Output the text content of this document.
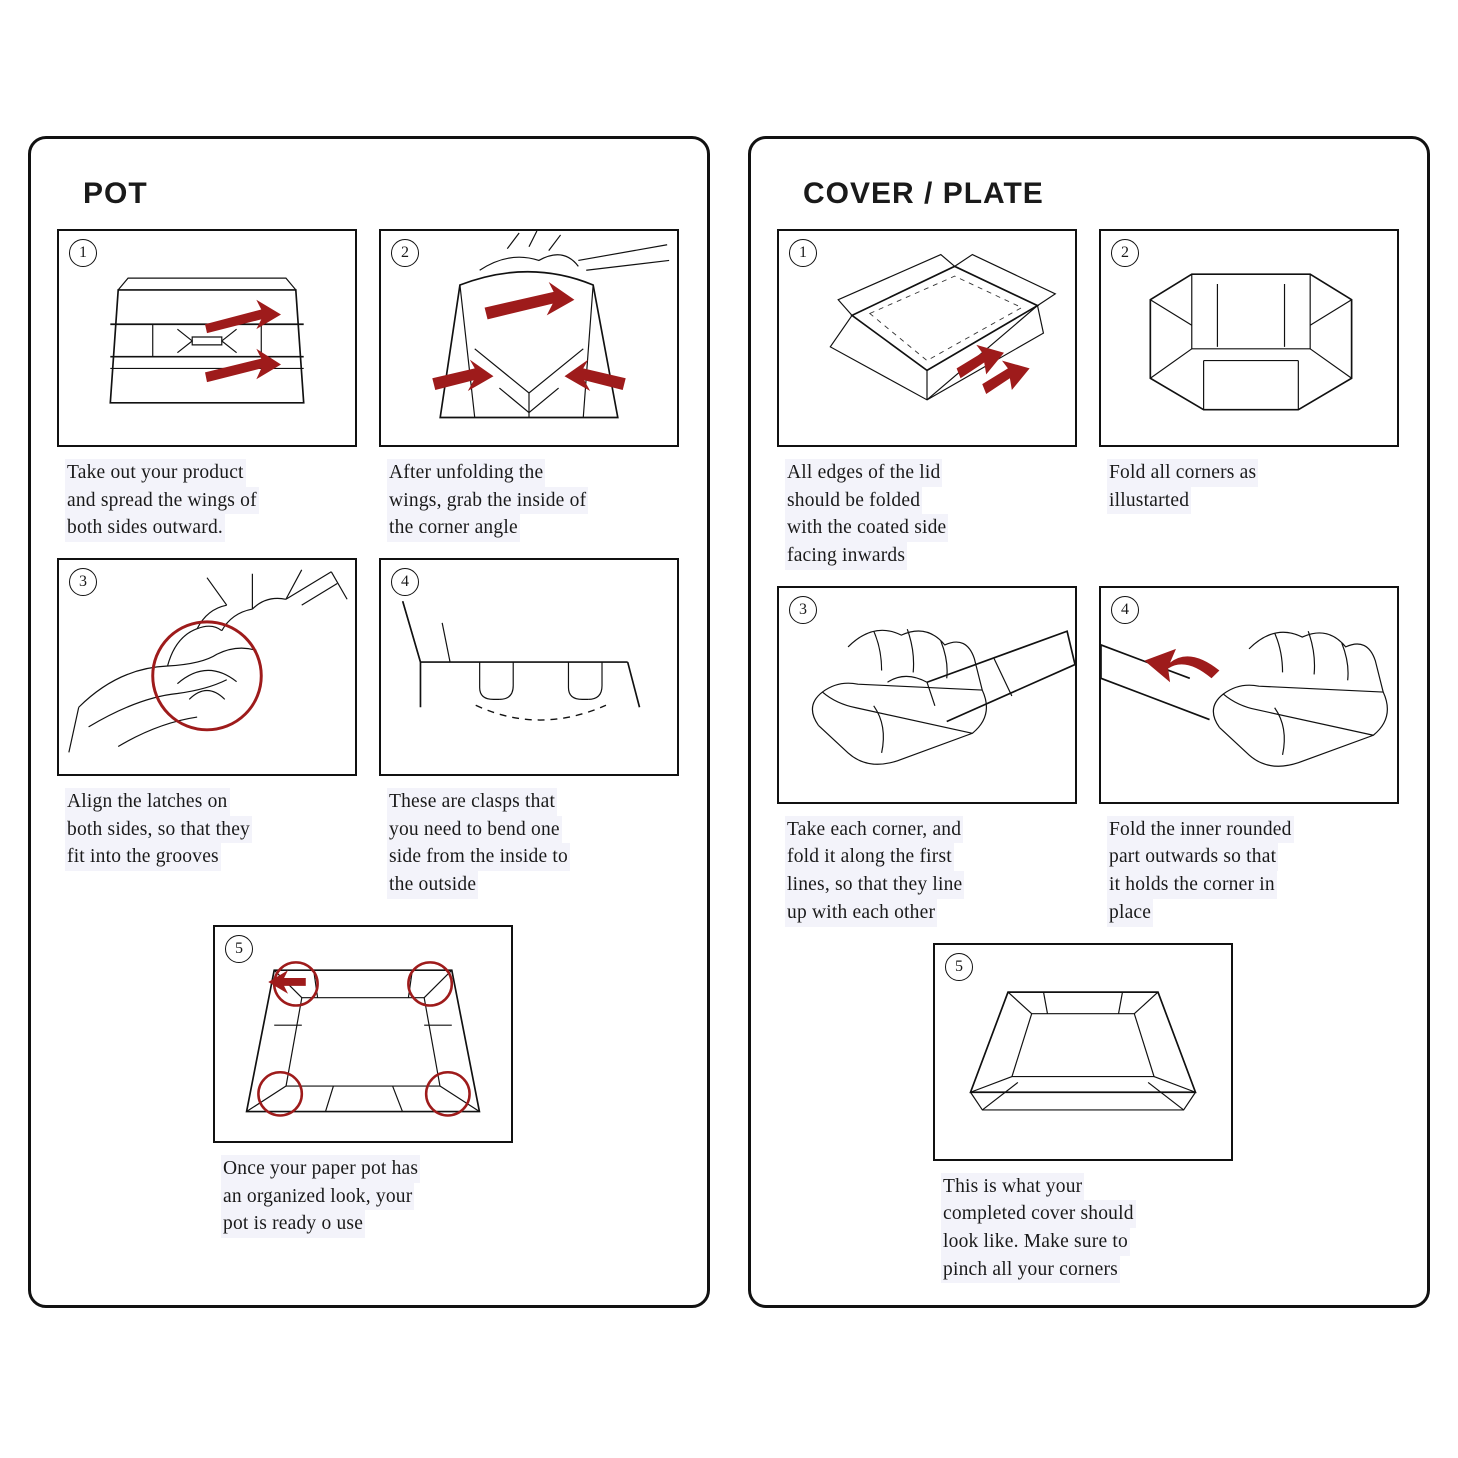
POT
1
Take out your product
and spread the wings of
both sides outward.
2
After unfolding the
wings, grab the inside of
the corner angle
3
Align the latches on
both sides, so that they
fit into the grooves
4
These are clasps that
you need to bend one
side from the inside to
the outside
5
Once your paper pot has
an organized look, your
pot is ready o use
COVER / PLATE
1
All edges of the lid
should be folded
with the coated side
facing inwards
2
Fold all corners as
illustarted
3
Take each corner, and
fold it along the first
lines, so that they line
up with each other
4
Fold the inner rounded
part outwards so that
it holds the corner in
place
5
This is what your
completed cover should
look like. Make sure to
pinch all your corners
